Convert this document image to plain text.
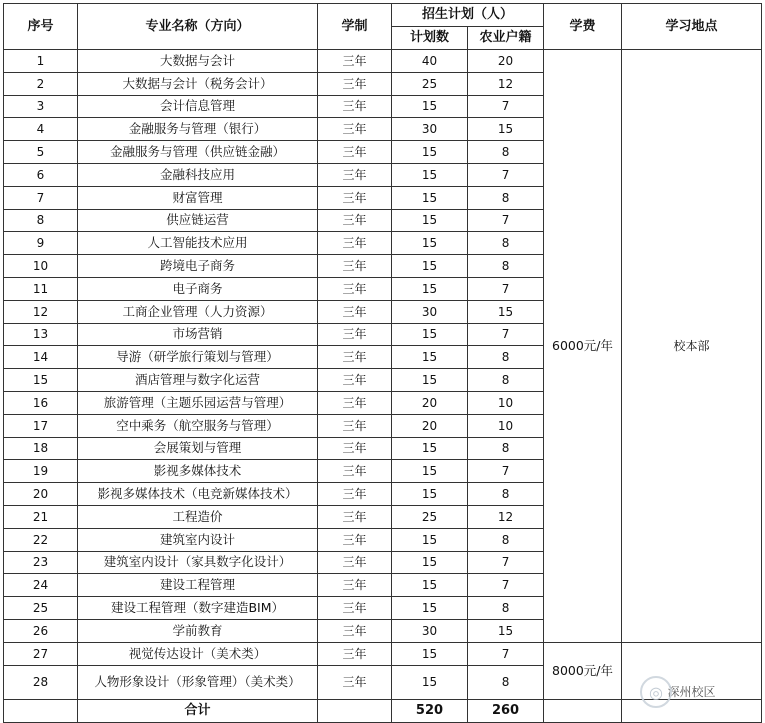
序号	专业名称（方向）	学制	招生计划（人）		学费	学习地点
			计划数	农业户籍		
1	大数据与会计	三年	40	20	6000元/年	校本部
2	大数据与会计（税务会计）	三年	25	12		
3	会计信息管理	三年	15	7		
4	金融服务与管理（银行）	三年	30	15		
5	金融服务与管理（供应链金融）	三年	15	8		
6	金融科技应用	三年	15	7		
7	财富管理	三年	15	8		
8	供应链运营	三年	15	7		
9	人工智能技术应用	三年	15	8		
10	跨境电子商务	三年	15	8		
11	电子商务	三年	15	7		
12	工商企业管理（人力资源）	三年	30	15		
13	市场营销	三年	15	7		
14	导游（研学旅行策划与管理）	三年	15	8		
15	酒店管理与数字化运营	三年	15	8		
16	旅游管理（主题乐园运营与管理）	三年	20	10		
17	空中乘务（航空服务与管理）	三年	20	10		
18	会展策划与管理	三年	15	8		
19	影视多媒体技术	三年	15	7		
20	影视多媒体技术（电竞新媒体技术）	三年	15	8		
21	工程造价	三年	25	12		
22	建筑室内设计	三年	15	8		
23	建筑室内设计（家具数字化设计）	三年	15	7		
24	建设工程管理	三年	15	7		
25	建设工程管理（数字建造BIM）	三年	15	8		
26	学前教育	三年	30	15		
27	视觉传达设计（美术类）	三年	15	7	8000元/年	深州校区
28	人物形象设计（形象管理）（美术类）	三年	15	8		
	合计		520	260		
◎
